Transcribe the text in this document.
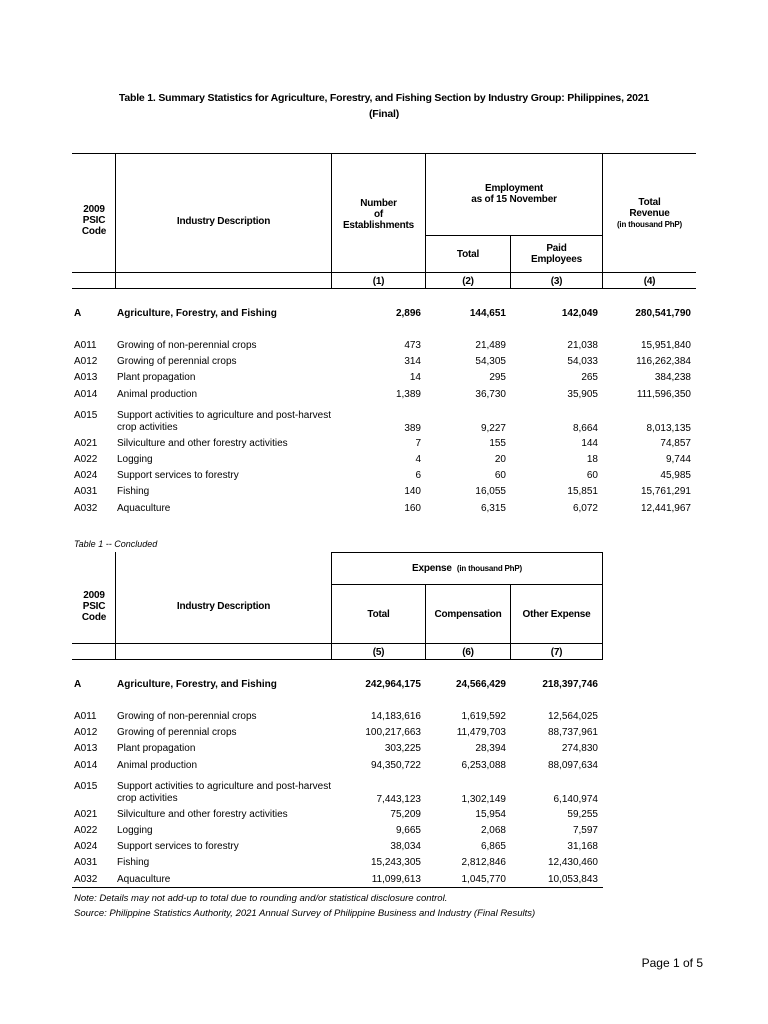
Table 1. Summary Statistics for Agriculture, Forestry, and Fishing Section by Industry Group: Philippines, 2021
(Final)
2009
PSIC
Code
Industry Description
Number
of
Establishments
Employment
as of 15 November
Total
Paid
Employees
Total
Revenue
(in thousand PhP)
(1)	(2)	(3)	(4)
A	Agriculture, Forestry, and Fishing	2,896	144,651	142,049	280,541,790
A011 Growing of non-perennial crops	473	21,489	21,038	15,951,840
A012 Growing of perennial crops	314	54,305	54,033	116,262,384
A013 Plant propagation	14	295	265	384,238
A014 Animal production	1,389	36,730	35,905	111,596,350
A015 Support activities to agriculture and post-harvest
crop activities	389	9,227	8,664	8,013,135
A021 Silviculture and other forestry activities	7	155	144	74,857
A022 Logging	4	20	18	9,744
A024 Support services to forestry	6	60	60	45,985
A031 Fishing	140	16,055	15,851	15,761,291
A032 Aquaculture	160	6,315	6,072	12,441,967
Table 1 -- Concluded
2009
PSIC
Code
Industry Description
Expense (in thousand PhP)
Total	Compensation	Other Expense
(5)	(6)	(7)
A	Agriculture, Forestry, and Fishing	242,964,175	24,566,429	218,397,746
A011 Growing of non-perennial crops	14,183,616	1,619,592	12,564,025
A012 Growing of perennial crops	100,217,663	11,479,703	88,737,961
A013 Plant propagation	303,225	28,394	274,830
A014 Animal production	94,350,722	6,253,088	88,097,634
A015 Support activities to agriculture and post-harvest
crop activities	7,443,123	1,302,149	6,140,974
A021 Silviculture and other forestry activities	75,209	15,954	59,255
A022 Logging	9,665	2,068	7,597
A024 Support services to forestry	38,034	6,865	31,168
A031 Fishing	15,243,305	2,812,846	12,430,460
A032 Aquaculture	11,099,613	1,045,770	10,053,843
Note: Details may not add-up to total due to rounding and/or statistical disclosure control.
Source: Philippine Statistics Authority, 2021 Annual Survey of Philippine Business and Industry (Final Results)
Page 1 of 5
